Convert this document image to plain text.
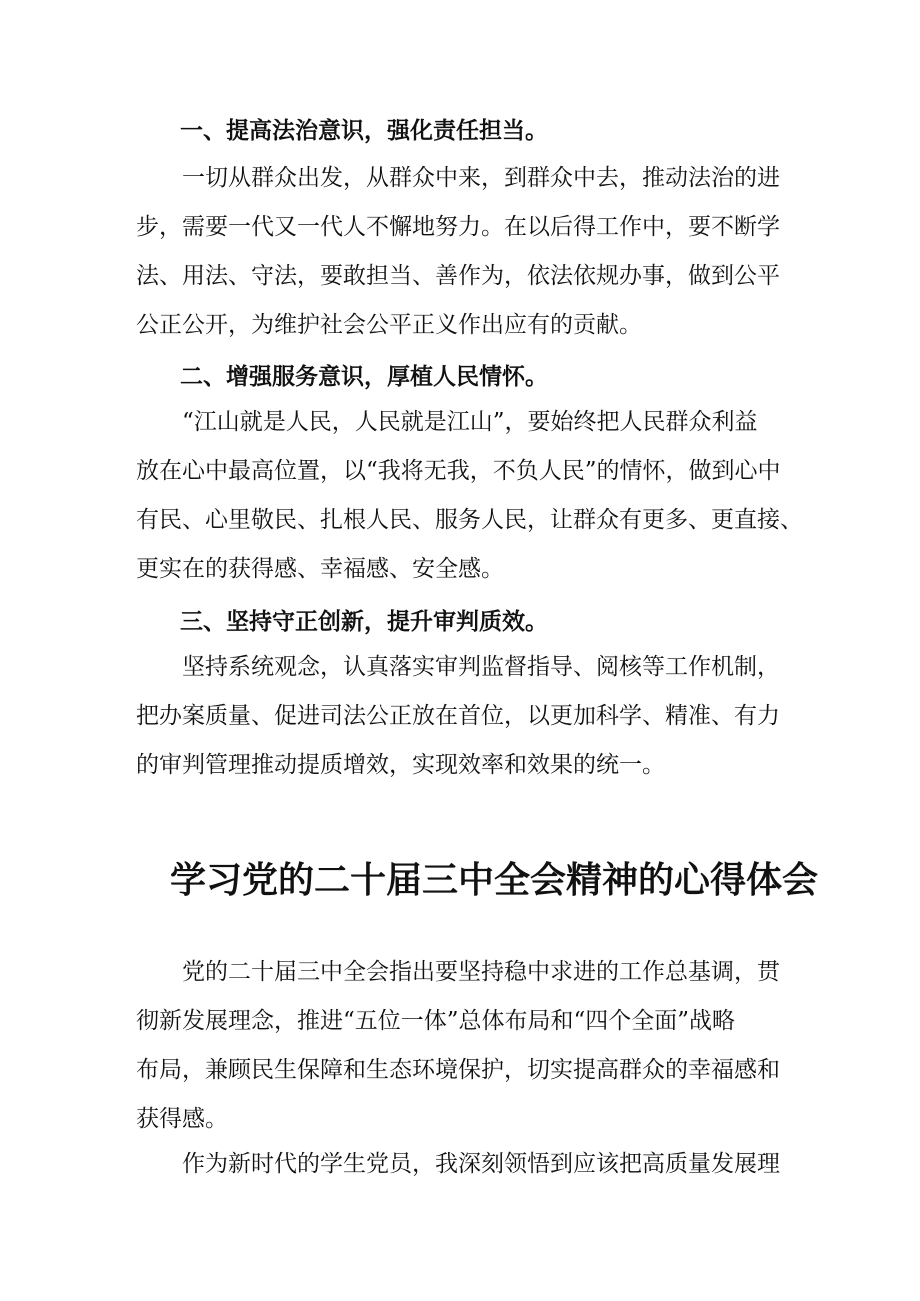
一、提高法治意识，强化责任担当。
一切从群众出发，从群众中来，到群众中去，推动法治的进
步，需要一代又一代人不懈地努力。在以后得工作中，要不断学
法、用法、守法，要敢担当、善作为，依法依规办事，做到公平
公正公开，为维护社会公平正义作出应有的贡献。
二、增强服务意识，厚植人民情怀。
“江山就是人民，人民就是江山”，要始终把人民群众利益
放在心中最高位置，以“我将无我，不负人民”的情怀，做到心中
有民、心里敬民、扎根人民、服务人民，让群众有更多、更直接、
更实在的获得感、幸福感、安全感。
三、坚持守正创新，提升审判质效。
坚持系统观念，认真落实审判监督指导、阅核等工作机制，
把办案质量、促进司法公正放在首位，以更加科学、精准、有力
的审判管理推动提质增效，实现效率和效果的统一。
学习党的二十届三中全会精神的心得体会
党的二十届三中全会指出要坚持稳中求进的工作总基调，贯
彻新发展理念，推进“五位一体”总体布局和“四个全面”战略
布局，兼顾民生保障和生态环境保护，切实提高群众的幸福感和
获得感。
作为新时代的学生党员，我深刻领悟到应该把高质量发展理
